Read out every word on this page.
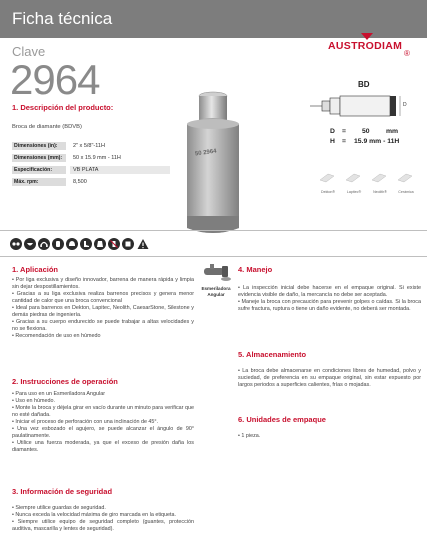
Ficha técnica
AUSTRODIAM
®
Clave
2964
1. Descripción del producto:
Broca de diamante (BDVB)
Dimensiones (in):	2" x 5/8"-11H
Dimensiones (mm):	50 x 15.9 mm - 11H
Especificación:	VB PLATA
Máx. rpm:	8,500
50 2964
BD
D
D = 50 mm
H = 15.9 mm - 11H
Dekton®	Lapitec®	Neolith®	Cerámica
Esmeriladora
Angular
1. Aplicación
• Por liga exclusiva y diseño innovador, barrena de manera rápida y limpia sin dejar despostillamientos.
• Gracias a su liga exclusiva realiza barrenos precisos y genera menor cantidad de calor que una broca convencional
• Ideal para barrenos en Dekton, Lapitec, Neolith, CaesarStone, Silestone y demás piedras de ingeniería.
• Gracias a su cuerpo endurecido se puede trabajar a altas velocidades y no se flexiona.
• Recomendación de uso en húmedo
2. Instrucciones de operación
• Para uso en un Esmeriladora Angular
• Uso en húmedo.
• Monte la broca y déjela girar en vacío durante un minuto para verificar que no esté dañada.
• Iniciar el proceso de perforación con una inclinación de 45°.
• Una vez esbozado el agujero, se puede alcanzar el ángulo de 90° paulatinamente.
• Utilice una fuerza moderada, ya que el exceso de presión daña los diamantes.
3. Información de seguridad
• Siempre utilice guardas de seguridad.
• Nunca exceda la velocidad máxima de giro marcada en la etiqueta.
• Siempre utilice equipo de seguridad completo (guantes, protección auditiva, mascarilla y lentes de seguridad).
4. Manejo
• La inspección inicial debe hacerse en el empaque original. Si existe evidencia visible de daño, la mercancía no debe ser aceptada.
• Maneje la broca con precaución para prevenir golpes o caídas. Si la broca sufre fractura, ruptura o tiene un daño evidente, no deberá ser montada.
5. Almacenamiento
• La broca debe almacenarse en condiciones libres de humedad, polvo y suciedad, de preferencia en su empaque original, sin estar expuesto por largos periodos a superficies calientes, frías o mojadas.
6. Unidades de empaque
• 1 pieza.
